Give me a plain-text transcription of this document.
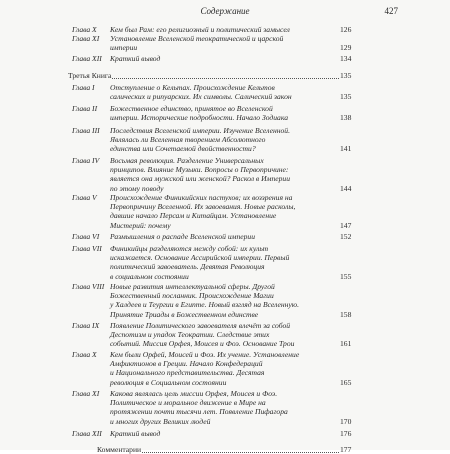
Содержание	427
Глава X Кем был Рам: его религиозный и политический замысел	126
Глава XI Установление Вселенской теократической и царской
империи	129
Глава XII Краткий вывод	134
Третья Книга	135
Глава I Отступление о Кельтах. Происхождение Кельтов
салических и рипуарских. Их символы. Салический закон	135
Глава II Божественное единство, принятое во Вселенской
империи. Исторические подробности. Начало Зодиака	138
Глава III Последствия Вселенской империи. Изучение Вселенной.
Являлась ли Вселенная творением Абсолютного
единства или Сочетаемой двойственности?	141
Глава IV Восьмая революция. Разделение Универсальных
принципов. Влияние Музыки. Вопросы о Первопричине:
является она мужской или женской? Раскол в Империи
по этому поводу	144
Глава V Происхождение Финикийских пастухов; их воззрения на
Первопричину Вселенной. Их завоевания. Новые расколы,
давшие начало Персам и Китайцам. Установление
Мистерий: почему	147
Глава VI Размышления о распаде Вселенской империи	152
Глава VII Финикийцы разделяются между собой: их культ
искажается. Основание Ассирийской империи. Первый
политический завоеватель. Девятая Революция
в социальном состоянии	155
Глава VIII Новые развития интеллектуальной сферы. Другой
Божественный посланник. Происхождение Магии
у Халдеев и Теургии в Египте. Новый взгляд на Вселенную.
Принятие Триады в Божественном единстве	158
Глава IX Появление Политического завоевателя влечёт за собой
Деспотизм и упадок Теократии. Следствие этих
событий. Миссия Орфея, Моисея и Фоэ. Основание Трои	161
Глава X Кем были Орфей, Моисей и Фоэ. Их учение. Установление
Амфиктионов в Греции. Начало Конфедераций
и Национального представительства. Десятая
революция в Социальном состоянии	165
Глава XI Какова являлась цель миссии Орфея, Моисея и Фоэ.
Политическое и моральное движение в Мире на
протяжении почти тысячи лет. Появление Пифагора
и многих других Великих людей	170
Глава XII Краткий вывод	176
Комментарии	177
